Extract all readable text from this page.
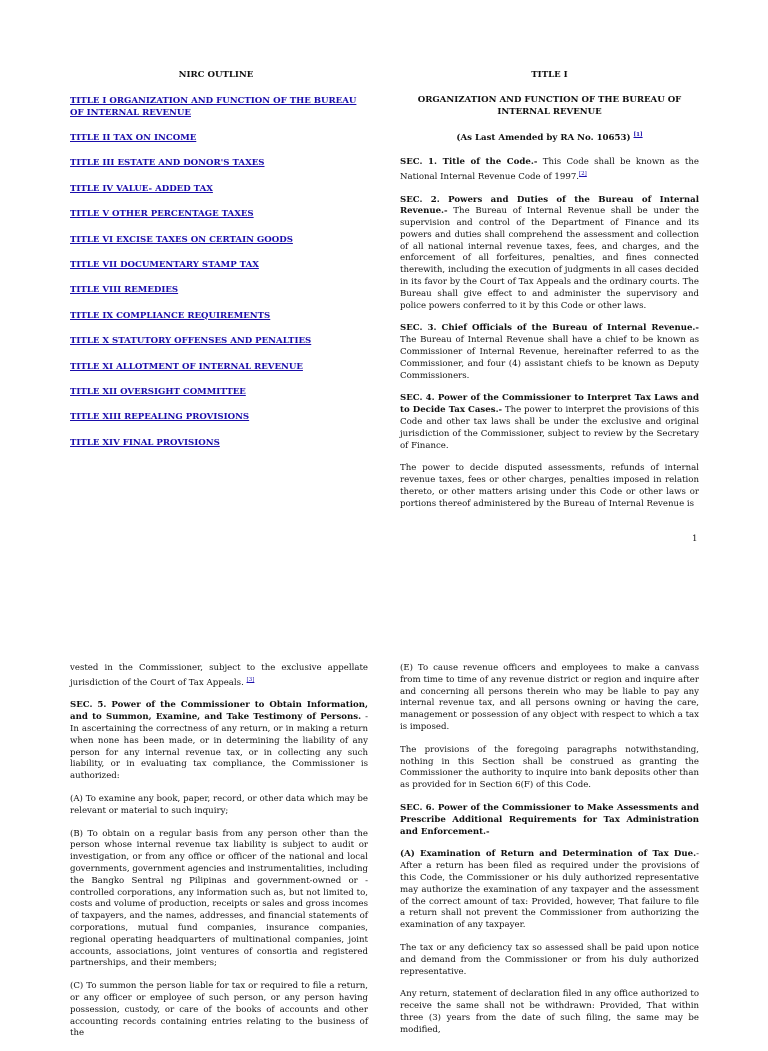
NIRC OUTLINE
TITLE I ORGANIZATION AND FUNCTION OF THE BUREAU OF INTERNAL REVENUE
TITLE II TAX ON INCOME
TITLE III ESTATE AND DONOR'S TAXES
TITLE IV VALUE- ADDED TAX
TITLE V OTHER PERCENTAGE TAXES
TITLE VI EXCISE TAXES ON CERTAIN GOODS
TITLE VII DOCUMENTARY STAMP TAX
TITLE VIII REMEDIES
TITLE IX COMPLIANCE REQUIREMENTS
TITLE X STATUTORY OFFENSES AND PENALTIES
TITLE XI ALLOTMENT OF INTERNAL REVENUE
TITLE XII OVERSIGHT COMMITTEE
TITLE XIII REPEALING PROVISIONS
TITLE XIV FINAL PROVISIONS
TITLE I
ORGANIZATION AND FUNCTION OF THE BUREAU OF INTERNAL REVENUE
(As Last Amended by RA No. 10653) [1]

SEC. 1. Title of the Code.- This Code shall be known as the National Internal Revenue Code of 1997.[2]

SEC. 2. Powers and Duties of the Bureau of Internal Revenue.- The Bureau of Internal Revenue shall be under the supervision and control of the Department of Finance and its powers and duties shall comprehend the assessment and collection of all national internal revenue taxes, fees, and charges, and the enforcement of all forfeitures, penalties, and fines connected therewith, including the execution of judgments in all cases decided in its favor by the Court of Tax Appeals and the ordinary courts. The Bureau shall give effect to and administer the supervisory and police powers conferred to it by this Code or other laws.

SEC. 3. Chief Officials of the Bureau of Internal Revenue.- The Bureau of Internal Revenue shall have a chief to be known as Commissioner of Internal Revenue, hereinafter referred to as the Commissioner, and four (4) assistant chiefs to be known as Deputy Commissioners.

SEC. 4. Power of the Commissioner to Interpret Tax Laws and to Decide Tax Cases.- The power to interpret the provisions of this Code and other tax laws shall be under the exclusive and original jurisdiction of the Commissioner, subject to review by the Secretary of Finance.

The power to decide disputed assessments, refunds of internal revenue taxes, fees or other charges, penalties imposed in relation thereto, or other matters arising under this Code or other laws or portions thereof administered by the Bureau of Internal Revenue is

1

vested in the Commissioner, subject to the exclusive appellate jurisdiction of the Court of Tax Appeals. [3]

SEC. 5. Power of the Commissioner to Obtain Information, and to Summon, Examine, and Take Testimony of Persons. - In ascertaining the correctness of any return, or in making a return when none has been made, or in determining the liability of any person for any internal revenue tax, or in collecting any such liability, or in evaluating tax compliance, the Commissioner is authorized:

(A) To examine any book, paper, record, or other data which may be relevant or material to such inquiry;

(B) To obtain on a regular basis from any person other than the person whose internal revenue tax liability is subject to audit or investigation, or from any office or officer of the national and local governments, government agencies and instrumentalities, including the Bangko Sentral ng Pilipinas and government-owned or -controlled corporations, any information such as, but not limited to, costs and volume of production, receipts or sales and gross incomes of taxpayers, and the names, addresses, and financial statements of corporations, mutual fund companies, insurance companies, regional operating headquarters of multinational companies, joint accounts, associations, joint ventures of consortia and registered partnerships, and their members;

(C) To summon the person liable for tax or required to file a return, or any officer or employee of such person, or any person having possession, custody, or care of the books of accounts and other accounting records containing entries relating to the business of the

(E) To cause revenue officers and employees to make a canvass from time to time of any revenue district or region and inquire after and concerning all persons therein who may be liable to pay any internal revenue tax, and all persons owning or having the care, management or possession of any object with respect to which a tax is imposed.

The provisions of the foregoing paragraphs notwithstanding, nothing in this Section shall be construed as granting the Commissioner the authority to inquire into bank deposits other than as provided for in Section 6(F) of this Code.

SEC. 6. Power of the Commissioner to Make Assessments and Prescribe Additional Requirements for Tax Administration and Enforcement.-

(A) Examination of Return and Determination of Tax Due.- After a return has been filed as required under the provisions of this Code, the Commissioner or his duly authorized representative may authorize the examination of any taxpayer and the assessment of the correct amount of tax: Provided, however, That failure to file a return shall not prevent the Commissioner from authorizing the examination of any taxpayer.

The tax or any deficiency tax so assessed shall be paid upon notice and demand from the Commissioner or from his duly authorized representative.

Any return, statement of declaration filed in any office authorized to receive the same shall not be withdrawn: Provided, That within three (3) years from the date of such filing, the same may be modified,
